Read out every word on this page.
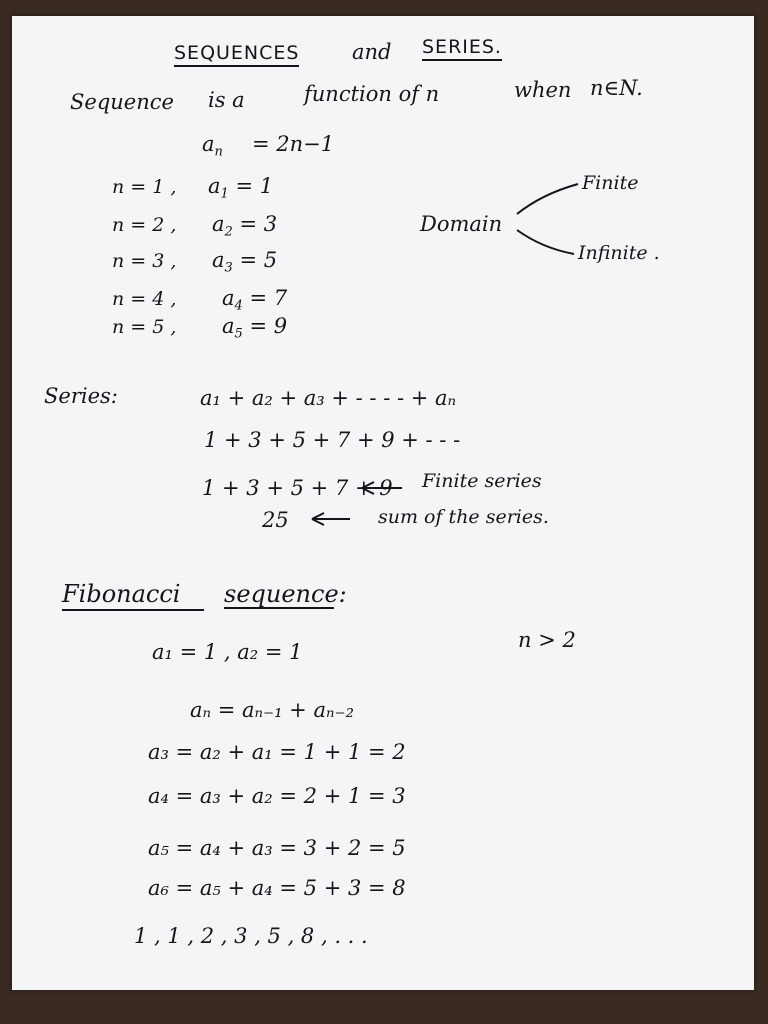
SEQUENCES	and SERIES.
Sequence is a	function of n	when n∈N.
$a_n = 2n-1$
n = 1 , $a_1 = 1$
n = 2 , $a_2 = 3$
n = 3 , $a_3 = 5$
n = 4 , $a_4 = 7$
n = 5 , $a_5 = 9$
Domain
Finite
Infinite .
Series:	a₁ + a₂ + a₃ + - - - - + aₙ
1 + 3 + 5 + 7 + 9 + - - -
1 + 3 + 5 + 7 + 9 Finite series
25	sum of the series.
Fibonacci sequence:
a₁ = 1 , a₂ = 1	n > 2
aₙ = aₙ₋₁ + aₙ₋₂
a₃ = a₂ + a₁ = 1 + 1 = 2
a₄ = a₃ + a₂ = 2 + 1 = 3
a₅ = a₄ + a₃ = 3 + 2 = 5
a₆ = a₅ + a₄ = 5 + 3 = 8
1 , 1 , 2 , 3 , 5 , 8 , . . .
